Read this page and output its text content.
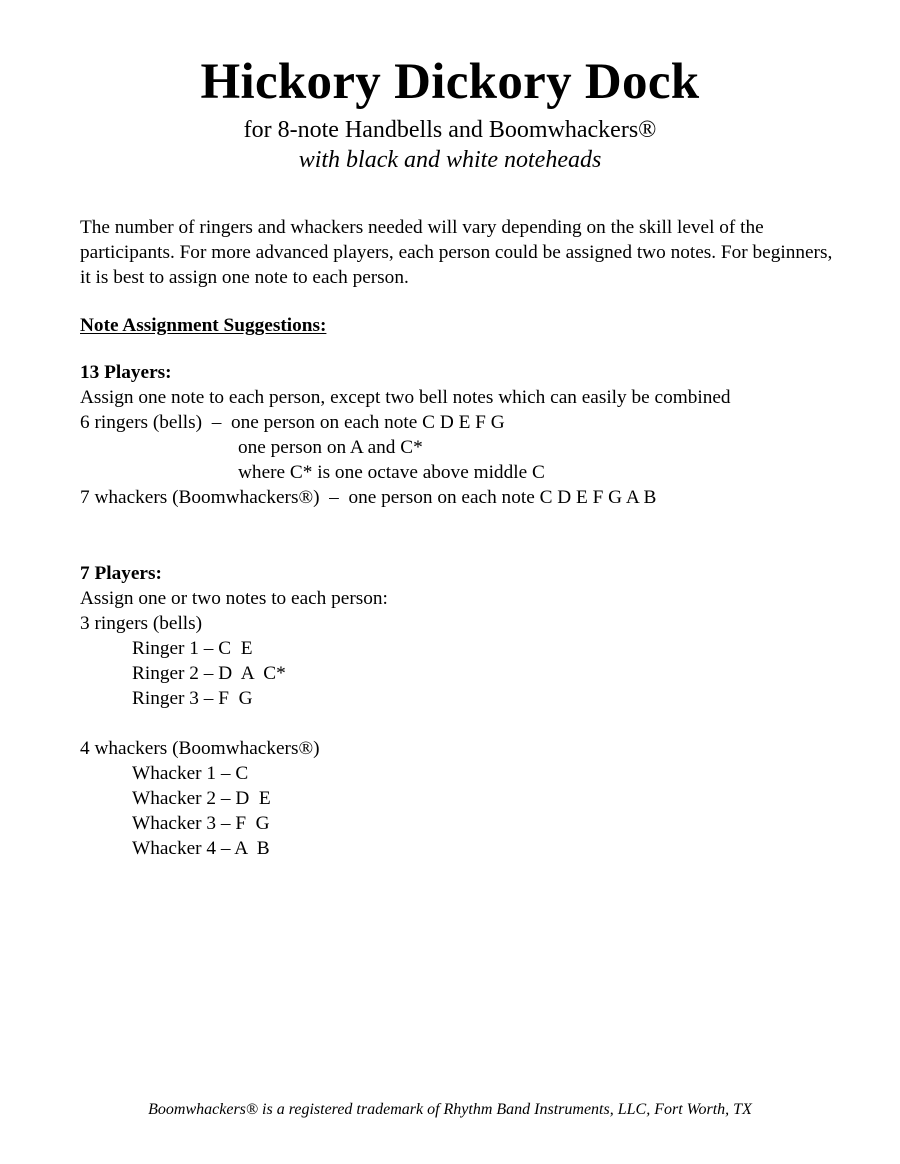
Hickory Dickory Dock
for 8-note Handbells and Boomwhackers®
with black and white noteheads
The number of ringers and whackers needed will vary depending on the skill level of the participants. For more advanced players, each person could be assigned two notes. For beginners, it is best to assign one note to each person.
Note Assignment Suggestions:
13 Players:
Assign one note to each person, except two bell notes which can easily be combined
6 ringers (bells)  –  one person on each note C D E F G
one person on A and C*
where C* is one octave above middle C
7 whackers (Boomwhackers®)  –  one person on each note C D E F G A B
7 Players:
Assign one or two notes to each person:
3 ringers (bells)
Ringer 1 – C  E
Ringer 2 – D  A  C*
Ringer 3 – F  G
4 whackers (Boomwhackers®)
Whacker 1 – C
Whacker 2 – D  E
Whacker 3 – F  G
Whacker 4 – A  B
Boomwhackers® is a registered trademark of Rhythm Band Instruments, LLC, Fort Worth, TX
